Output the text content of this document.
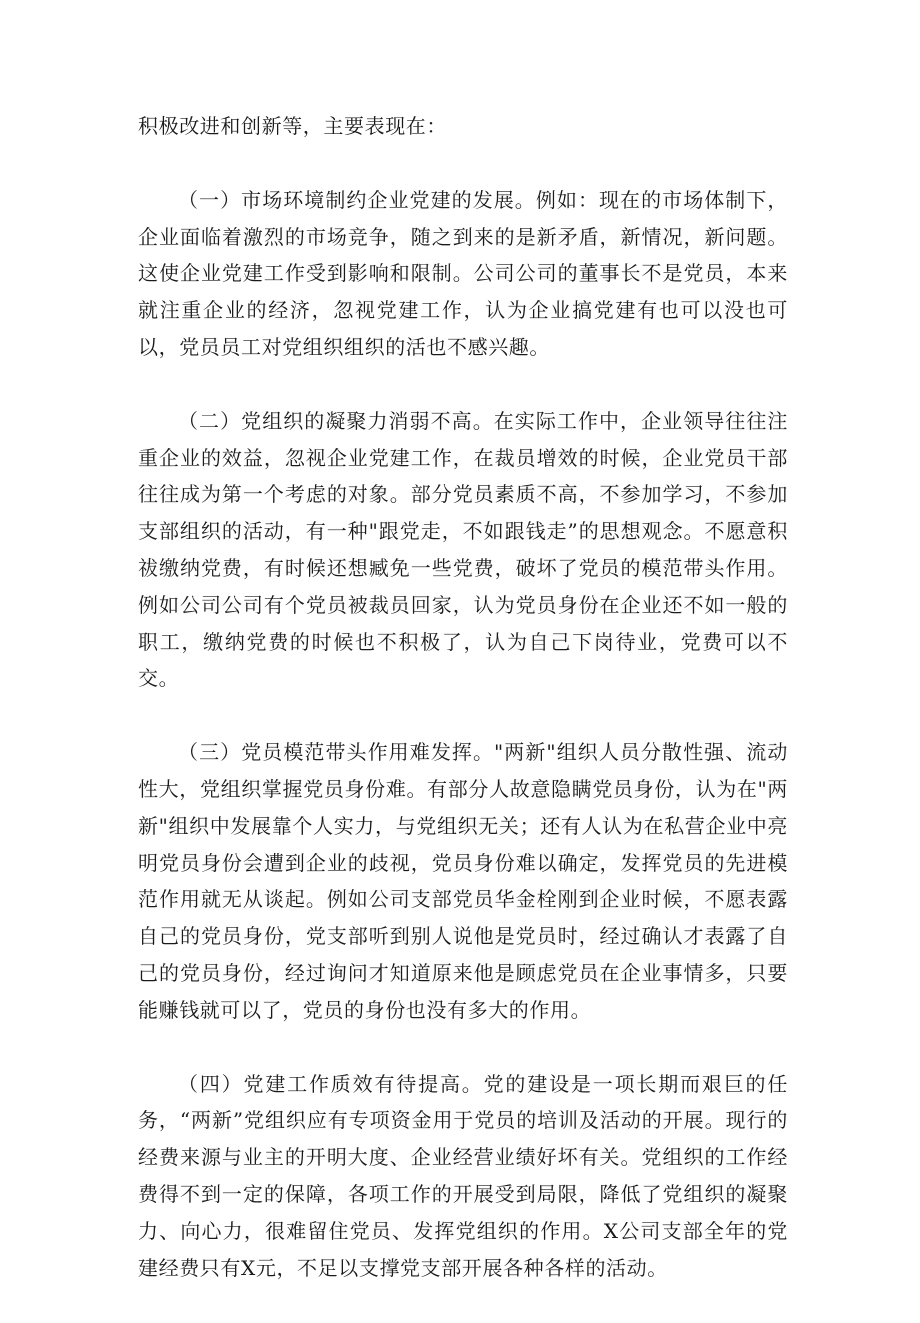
积极改进和创新等，主要表现在：

（一）市场环境制约企业党建的发展。例如：现在的市场体制下，企业面临着激烈的市场竞争，随之到来的是新矛盾，新情况，新问题。这使企业党建工作受到影响和限制。公司公司的董事长不是党员，本来就注重企业的经济，忽视党建工作，认为企业搞党建有也可以没也可以，党员员工对党组织组织的活也不感兴趣。

（二）党组织的凝聚力消弱不高。在实际工作中，企业领导往往注重企业的效益，忽视企业党建工作，在裁员增效的时候，企业党员干部往往成为第一个考虑的对象。部分党员素质不高，不参加学习，不参加支部组织的活动，有一种"跟党走，不如跟钱走”的思想观念。不愿意积祓缴纳党费，有时候还想臧免一些党费，破坏了党员的模范带头作用。例如公司公司有个党员被裁员回家，认为党员身份在企业还不如一般的职工，缴纳党费的时候也不积极了，认为自己下岗待业，党费可以不交。

（三）党员模范带头作用难发挥。"两新"组织人员分散性强、流动性大，党组织掌握党员身份难。有部分人故意隐瞒党员身份，认为在"两新"组织中发展靠个人实力，与党组织无关；还有人认为在私营企业中亮明党员身份会遭到企业的歧视，党员身份难以确定，发挥党员的先进模范作用就无从谈起。例如公司支部党员华金栓刚到企业时候，不愿表露自己的党员身份，党支部听到别人说他是党员时，经过确认才表露了自己的党员身份，经过询问才知道原来他是顾虑党员在企业事情多，只要能赚钱就可以了，党员的身份也没有多大的作用。

（四）党建工作质效有待提高。党的建设是一项长期而艰巨的任务，“两新”党组织应有专项资金用于党员的培训及活动的开展。现行的经费来源与业主的开明大度、企业经营业绩好坏有关。党组织的工作经费得不到一定的保障，各项工作的开展受到局限，降低了党组织的凝聚力、向心力，很难留住党员、发挥党组织的作用。X公司支部全年的党建经费只有X元，不足以支撑党支部开展各种各样的活动。
